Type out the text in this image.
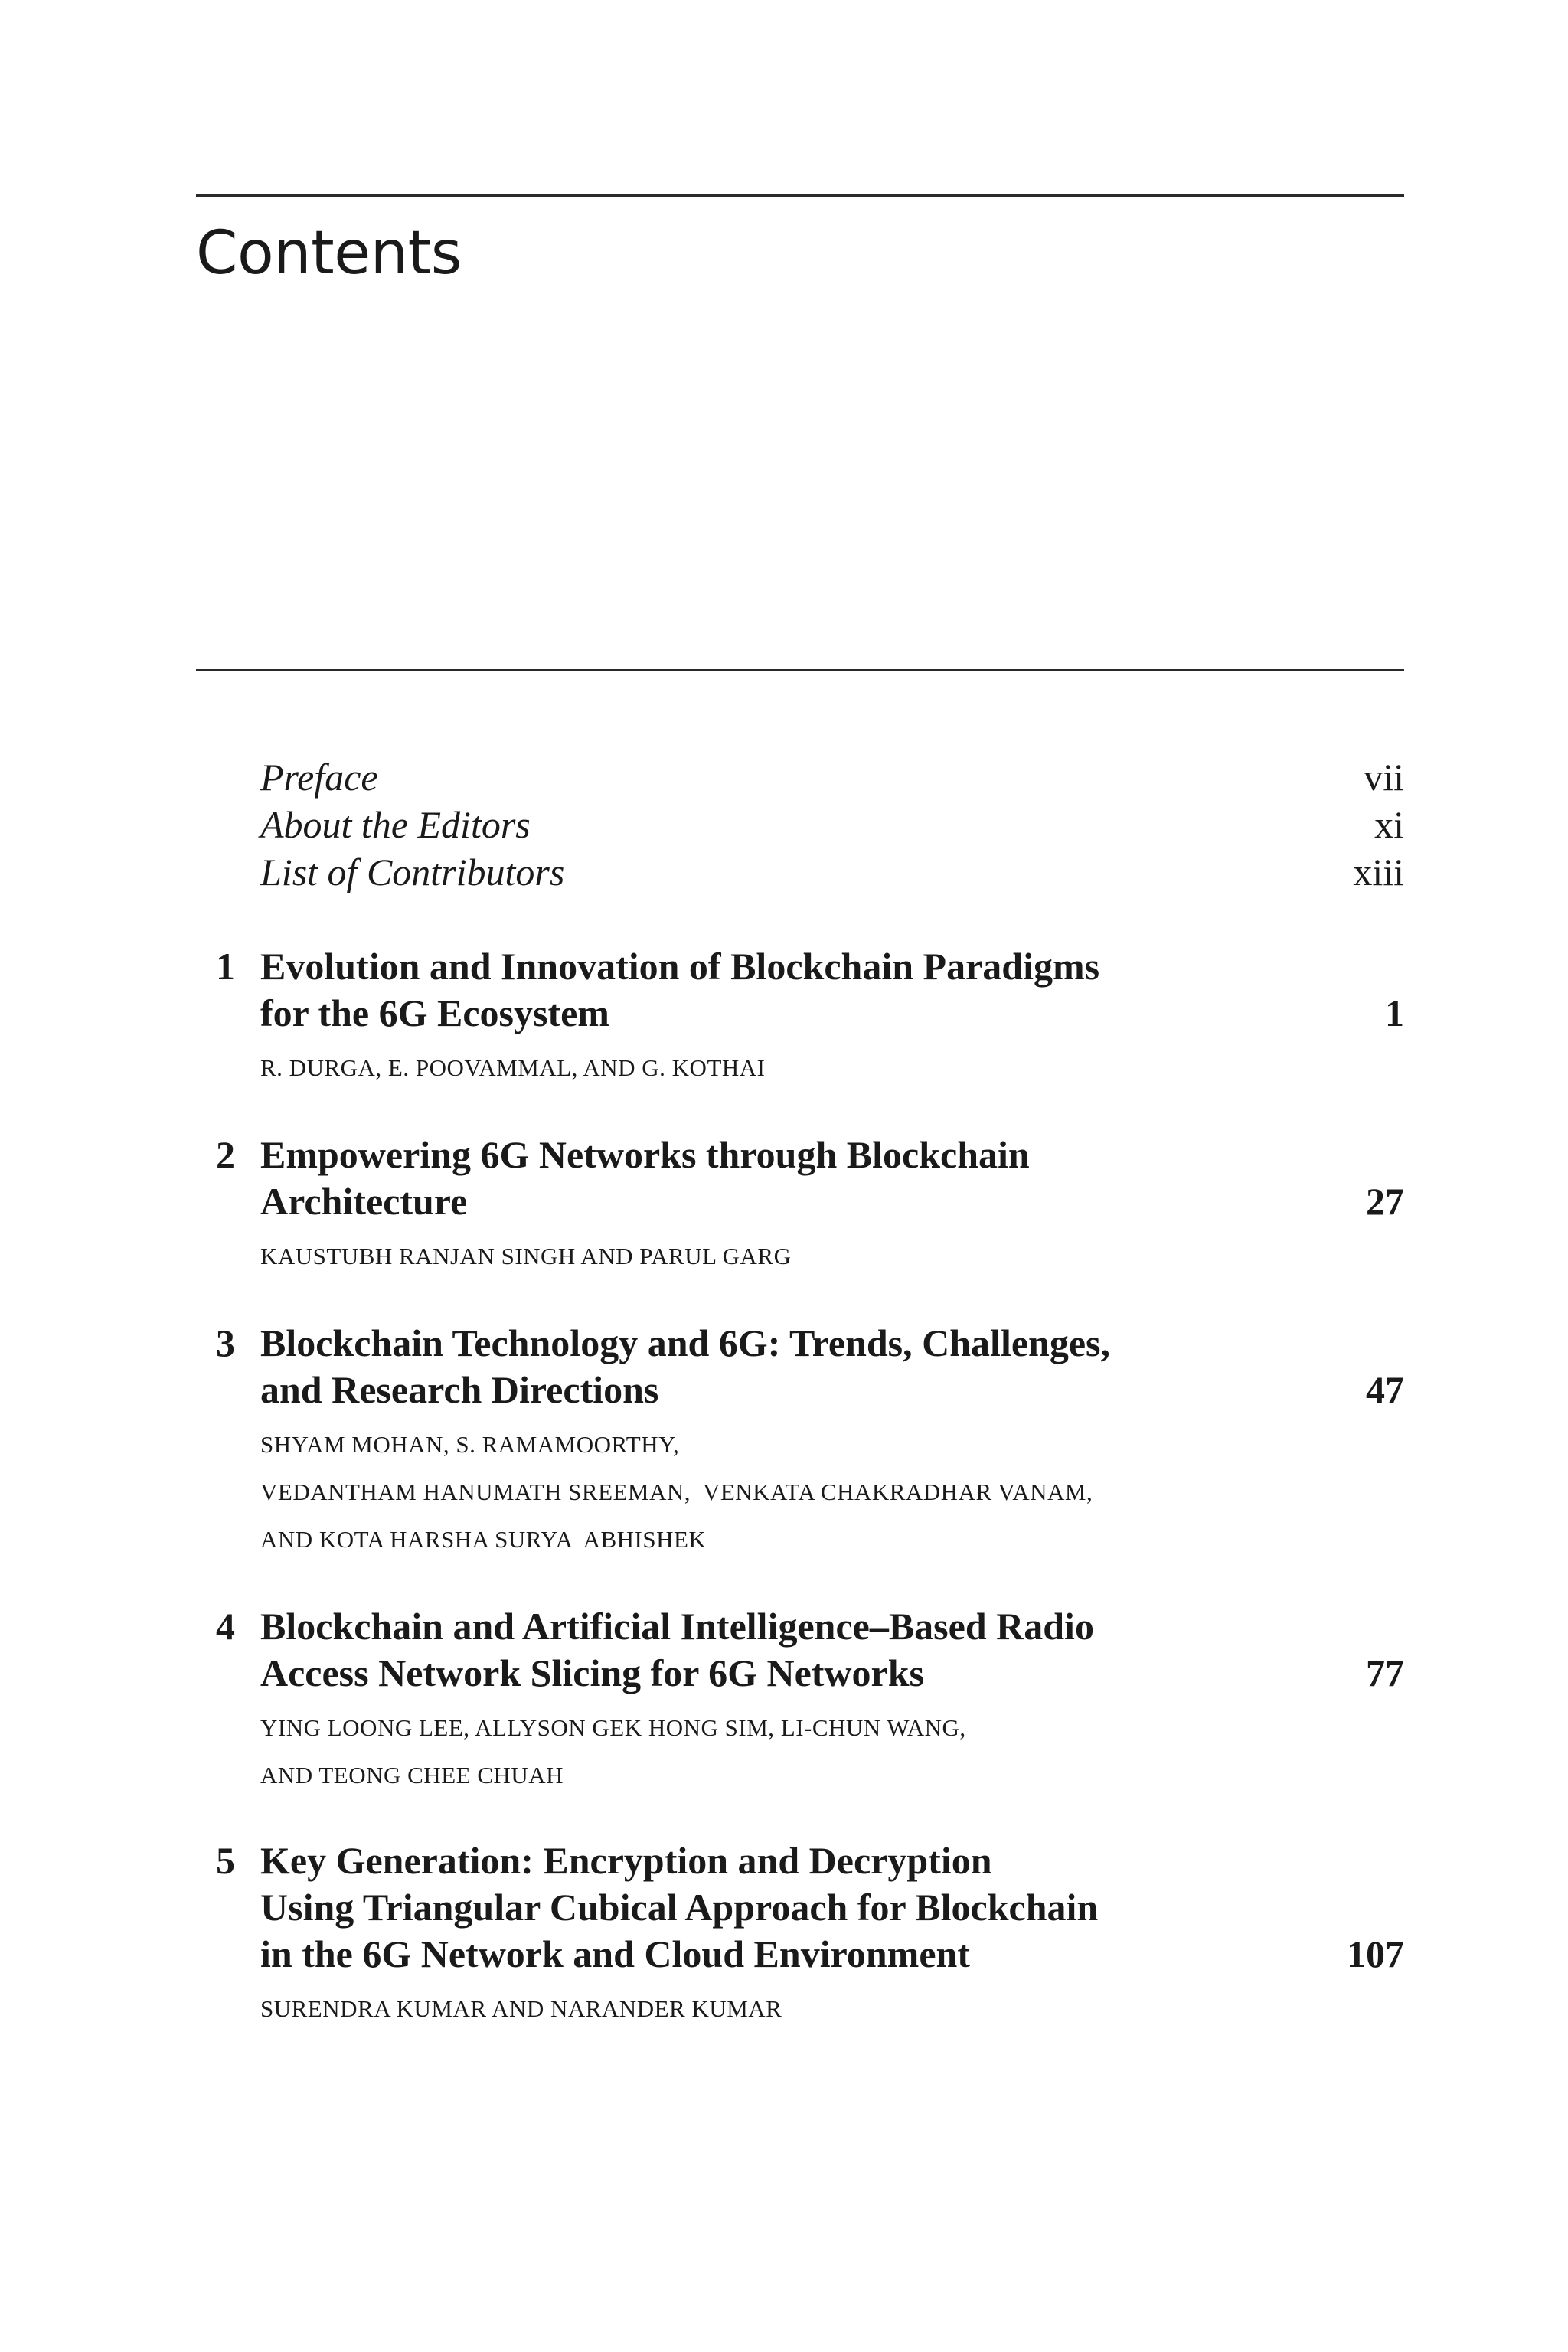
Contents
Preface	vii
About the Editors	xi
List of Contributors	xiii
1 Evolution and Innovation of Blockchain Paradigms
for the 6G Ecosystem	1
R. DURGA, E. POOVAMMAL, AND G. KOTHAI
2 Empowering 6G Networks through Blockchain
Architecture	27
KAUSTUBH RANJAN SINGH AND PARUL GARG
3 Blockchain Technology and 6G: Trends, Challenges,
and Research Directions	47
SHYAM MOHAN, S. RAMAMOORTHY,
VEDANTHAM HANUMATH SREEMAN,  VENKATA CHAKRADHAR VANAM,
AND KOTA HARSHA SURYA  ABHISHEK
4 Blockchain and Artificial Intelligence–Based Radio
Access Network Slicing for 6G Networks	77
YING LOONG LEE, ALLYSON GEK HONG SIM, LI-CHUN WANG,
AND TEONG CHEE CHUAH
5 Key Generation: Encryption and Decryption
Using Triangular Cubical Approach for Blockchain
in the 6G Network and Cloud Environment	107
SURENDRA KUMAR AND NARANDER KUMAR
